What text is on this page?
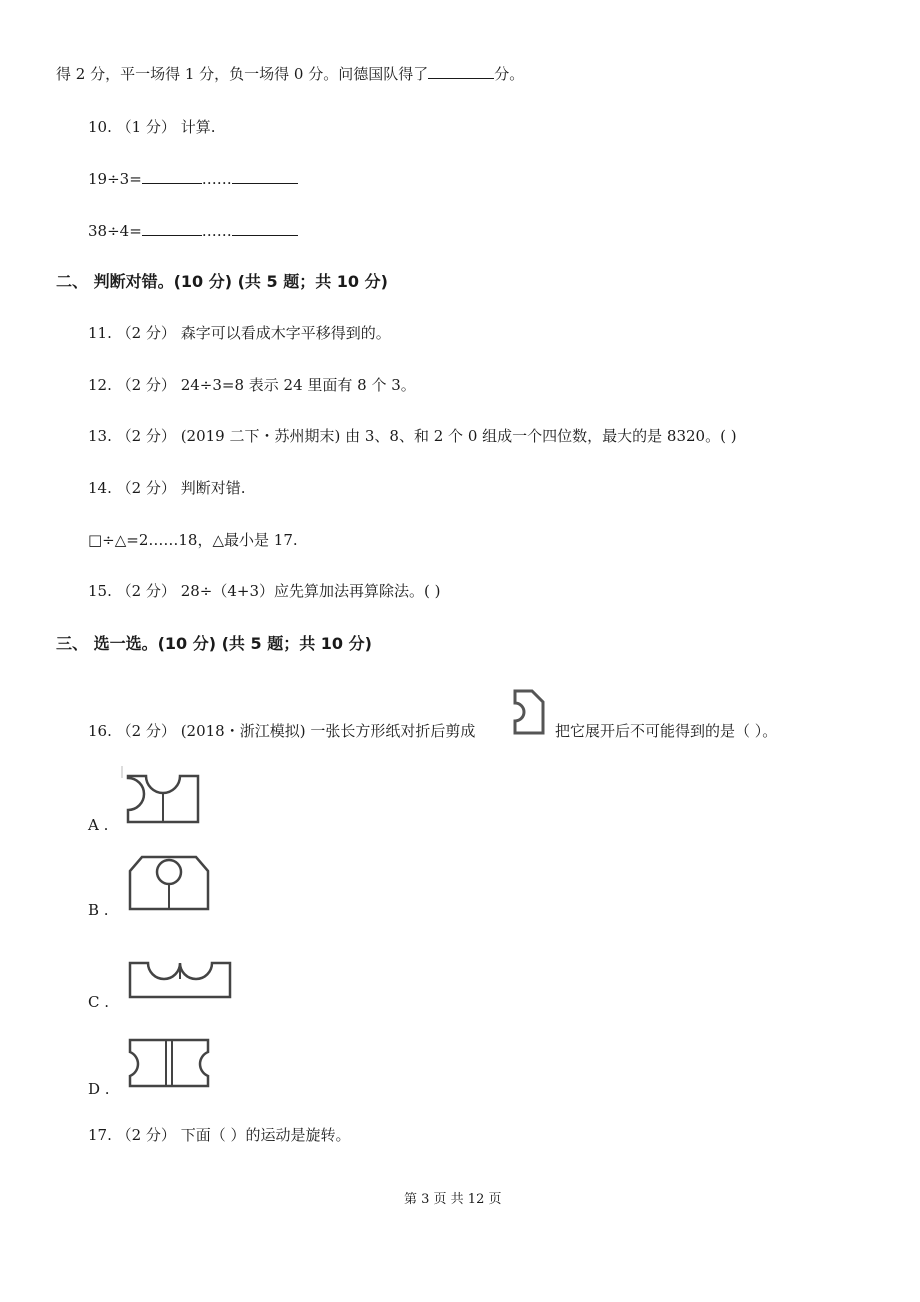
得 2 分，平一场得 1 分，负一场得 0 分。问德国队得了	分。
10. （1 分） 计算.
19÷3=	……
38÷4=	……
二、 判断对错。(10 分) (共 5 题；共 10 分)
11. （2 分） 森字可以看成木字平移得到的。
12. （2 分） 24÷3=8 表示 24 里面有 8 个 3。
13. （2 分） (2019 二下・苏州期末) 由 3、8、和 2 个 0 组成一个四位数，最大的是 8320。( )
14. （2 分） 判断对错.
□÷△=2……18，△最小是 17.
15. （2 分） 28÷（4+3）应先算加法再算除法。( )
三、 选一选。(10 分) (共 5 题；共 10 分)
16. （2 分） (2018・浙江模拟) 一张长方形纸对折后剪成	把它展开后不可能得到的是（ ）。
A .
B .
C .
D .
17. （2 分） 下面（ ）的运动是旋转。
第 3 页 共 12 页
